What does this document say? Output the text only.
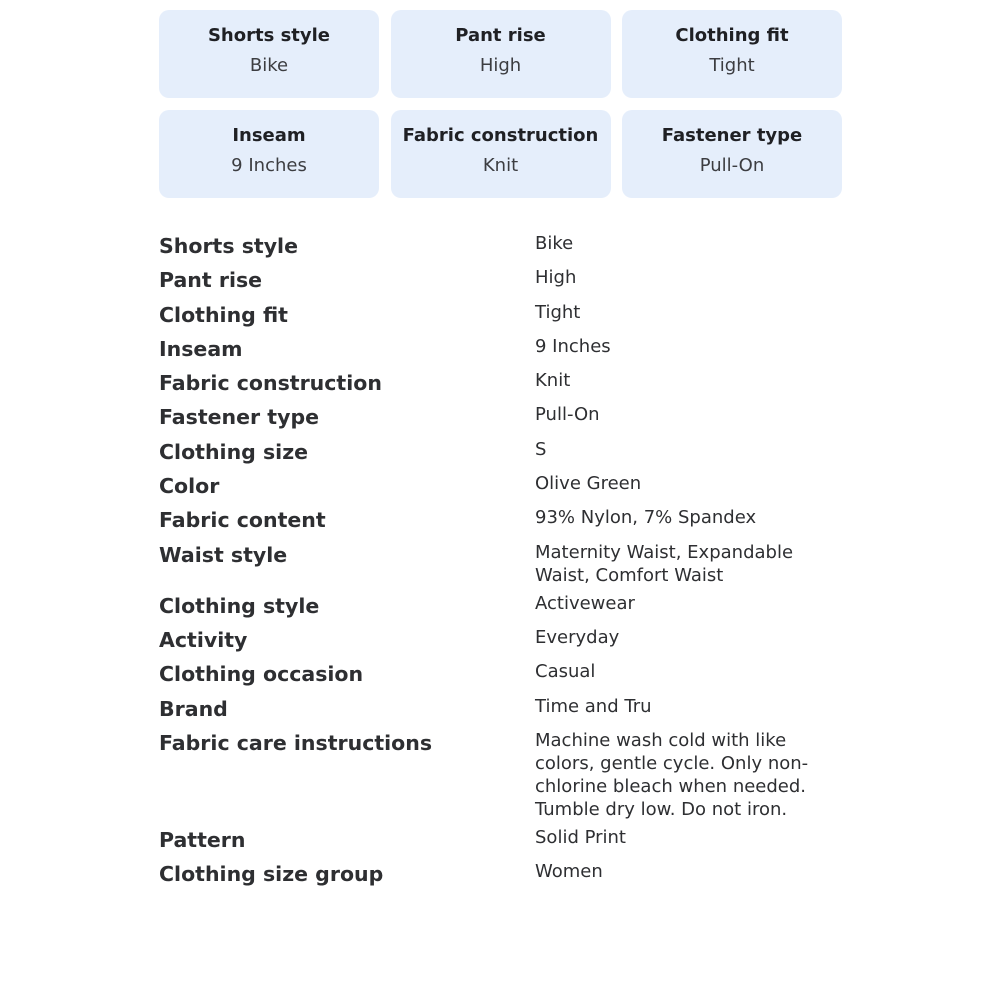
Shorts style
Bike
Pant rise
High
Clothing fit
Tight
Inseam
9 Inches
Fabric construction
Knit
Fastener type
Pull-On
Shorts style	Bike
Pant rise	High
Clothing fit	Tight
Inseam	9 Inches
Fabric construction	Knit
Fastener type	Pull-On
Clothing size	S
Color	Olive Green
Fabric content	93% Nylon, 7% Spandex
Waist style	Maternity Waist, Expandable Waist, Comfort Waist
Clothing style	Activewear
Activity	Everyday
Clothing occasion	Casual
Brand	Time and Tru
Fabric care instructions	Machine wash cold with like colors, gentle cycle. Only non-chlorine bleach when needed. Tumble dry low. Do not iron.
Pattern	Solid Print
Clothing size group	Women
